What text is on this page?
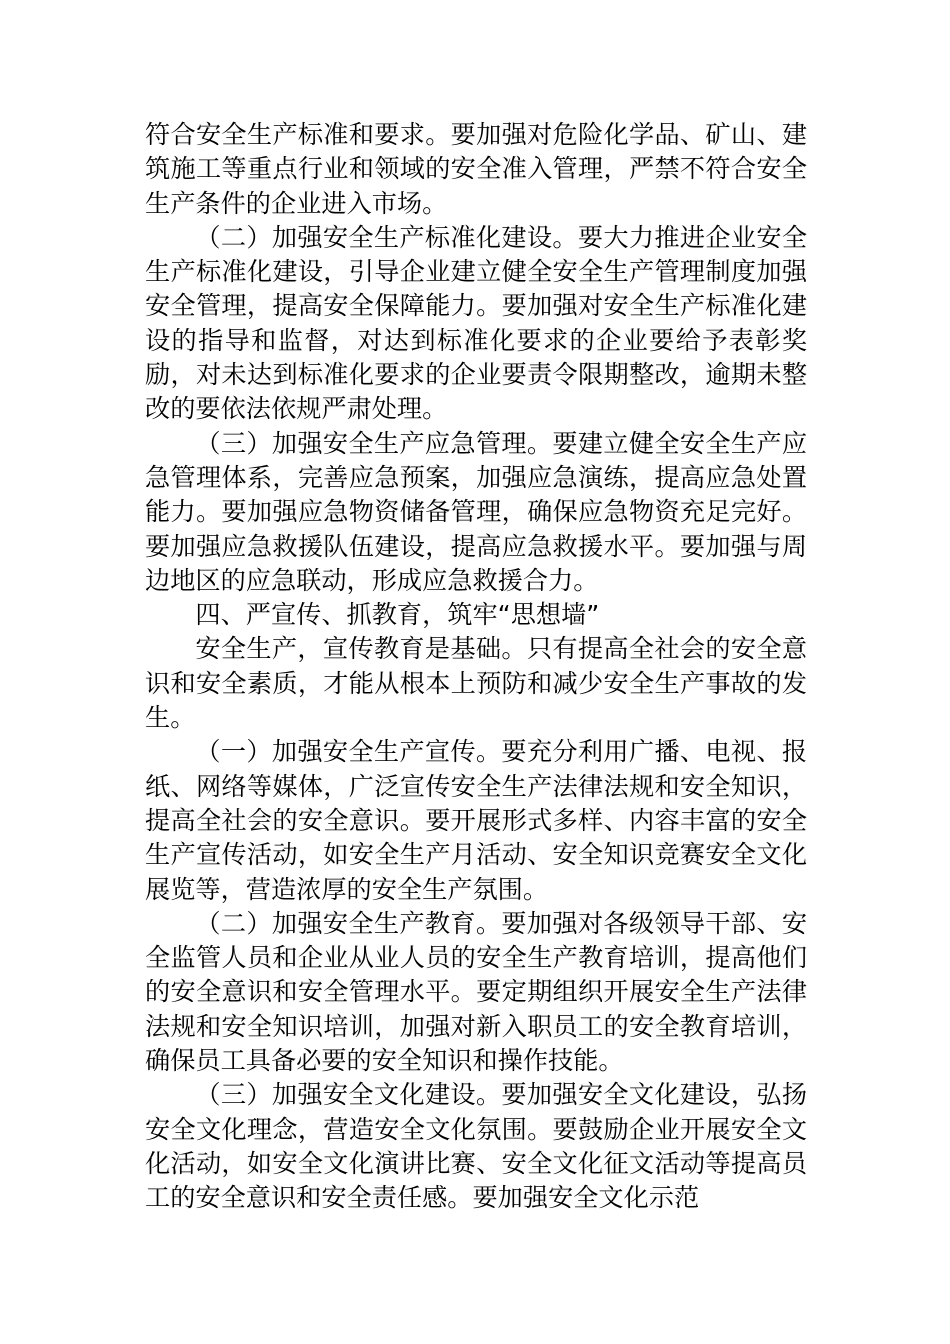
符合安全生产标准和要求。要加强对危险化学品、矿山、建筑施工等重点行业和领域的安全准入管理，严禁不符合安全生产条件的企业进入市场。

（二）加强安全生产标准化建设。要大力推进企业安全生产标准化建设，引导企业建立健全安全生产管理制度加强安全管理，提高安全保障能力。要加强对安全生产标准化建设的指导和监督，对达到标准化要求的企业要给予表彰奖励，对未达到标准化要求的企业要责令限期整改，逾期未整改的要依法依规严肃处理。

（三）加强安全生产应急管理。要建立健全安全生产应急管理体系，完善应急预案，加强应急演练，提高应急处置能力。要加强应急物资储备管理，确保应急物资充足完好。要加强应急救援队伍建设，提高应急救援水平。要加强与周边地区的应急联动，形成应急救援合力。

四、严宣传、抓教育，筑牢“思想墙”

安全生产，宣传教育是基础。只有提高全社会的安全意识和安全素质，才能从根本上预防和减少安全生产事故的发生。

（一）加强安全生产宣传。要充分利用广播、电视、报纸、网络等媒体，广泛宣传安全生产法律法规和安全知识，提高全社会的安全意识。要开展形式多样、内容丰富的安全生产宣传活动，如安全生产月活动、安全知识竞赛安全文化展览等，营造浓厚的安全生产氛围。

（二）加强安全生产教育。要加强对各级领导干部、安全监管人员和企业从业人员的安全生产教育培训，提高他们的安全意识和安全管理水平。要定期组织开展安全生产法律法规和安全知识培训，加强对新入职员工的安全教育培训，确保员工具备必要的安全知识和操作技能。

（三）加强安全文化建设。要加强安全文化建设，弘扬安全文化理念，营造安全文化氛围。要鼓励企业开展安全文化活动，如安全文化演讲比赛、安全文化征文活动等提高员工的安全意识和安全责任感。要加强安全文化示范
